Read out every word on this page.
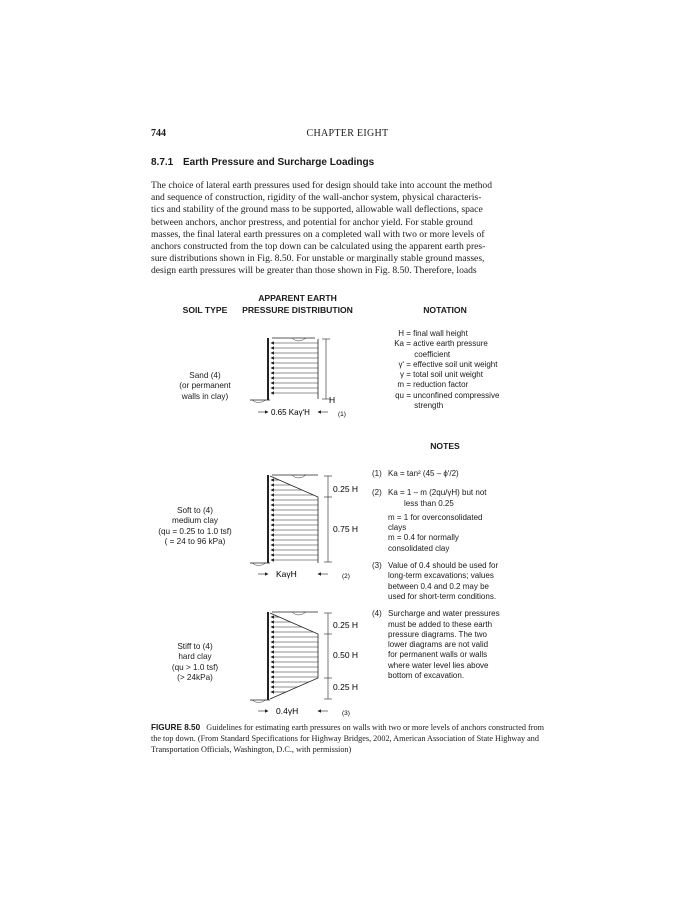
744	CHAPTER EIGHT
8.7.1 Earth Pressure and Surcharge Loadings
The choice of lateral earth pressures used for design should take into account the method
and sequence of construction, rigidity of the wall-anchor system, physical characteris-
tics and stability of the ground mass to be supported, allowable wall deflections, space
between anchors, anchor prestress, and potential for anchor yield. For stable ground
masses, the final lateral earth pressures on a completed wall with two or more levels of
anchors constructed from the top down can be calculated using the apparent earth pres-
sure distributions shown in Fig. 8.50. For unstable or marginally stable ground masses,
design earth pressures will be greater than those shown in Fig. 8.50. Therefore, loads
SOIL TYPE
APPARENT EARTH
PRESSURE DISTRIBUTION	NOTATION
NOTES
Sand (4)
(or permanent
walls in clay)
Soft to (4)
medium clay
(qu = 0.25 to 1.0 tsf)
( = 24 to 96 kPa)
Stiff to (4)
hard clay
(qu > 1.0 tsf)
(> 24kPa)
H
0.65 KaγʹH	(1)
0.25 H
0.75 H
KaγH	(2)
0.25 H
0.50 H
0.25 H
0.4γH	(3)
H = final wall height
Ka = active earth pressure
coefficient
γʹ = effective soil unit weight
γ = total soil unit weight
m = reduction factor
qu = unconfined compressive
strength
(1) Ka = tan² (45 – ϕʹ/2)
(2) Ka = 1 – m (2qu/γH) but not
less than 0.25
m = 1 for overconsolidated
clays
m = 0.4 for normally
consolidated clay
(3) Value of 0.4 should be used for
long-term excavations; values
between 0.4 and 0.2 may be
used for short-term conditions.
(4) Surcharge and water pressures
must be added to these earth
pressure diagrams. The two
lower diagrams are not valid
for permanent walls or walls
where water level lies above
bottom of excavation.
FIGURE 8.50 Guidelines for estimating earth pressures on walls with two or more levels of anchors constructed from the top down. (From Standard Specifications for Highway Bridges, 2002, American Association of State Highway and Transportation Officials, Washington, D.C., with permission)
